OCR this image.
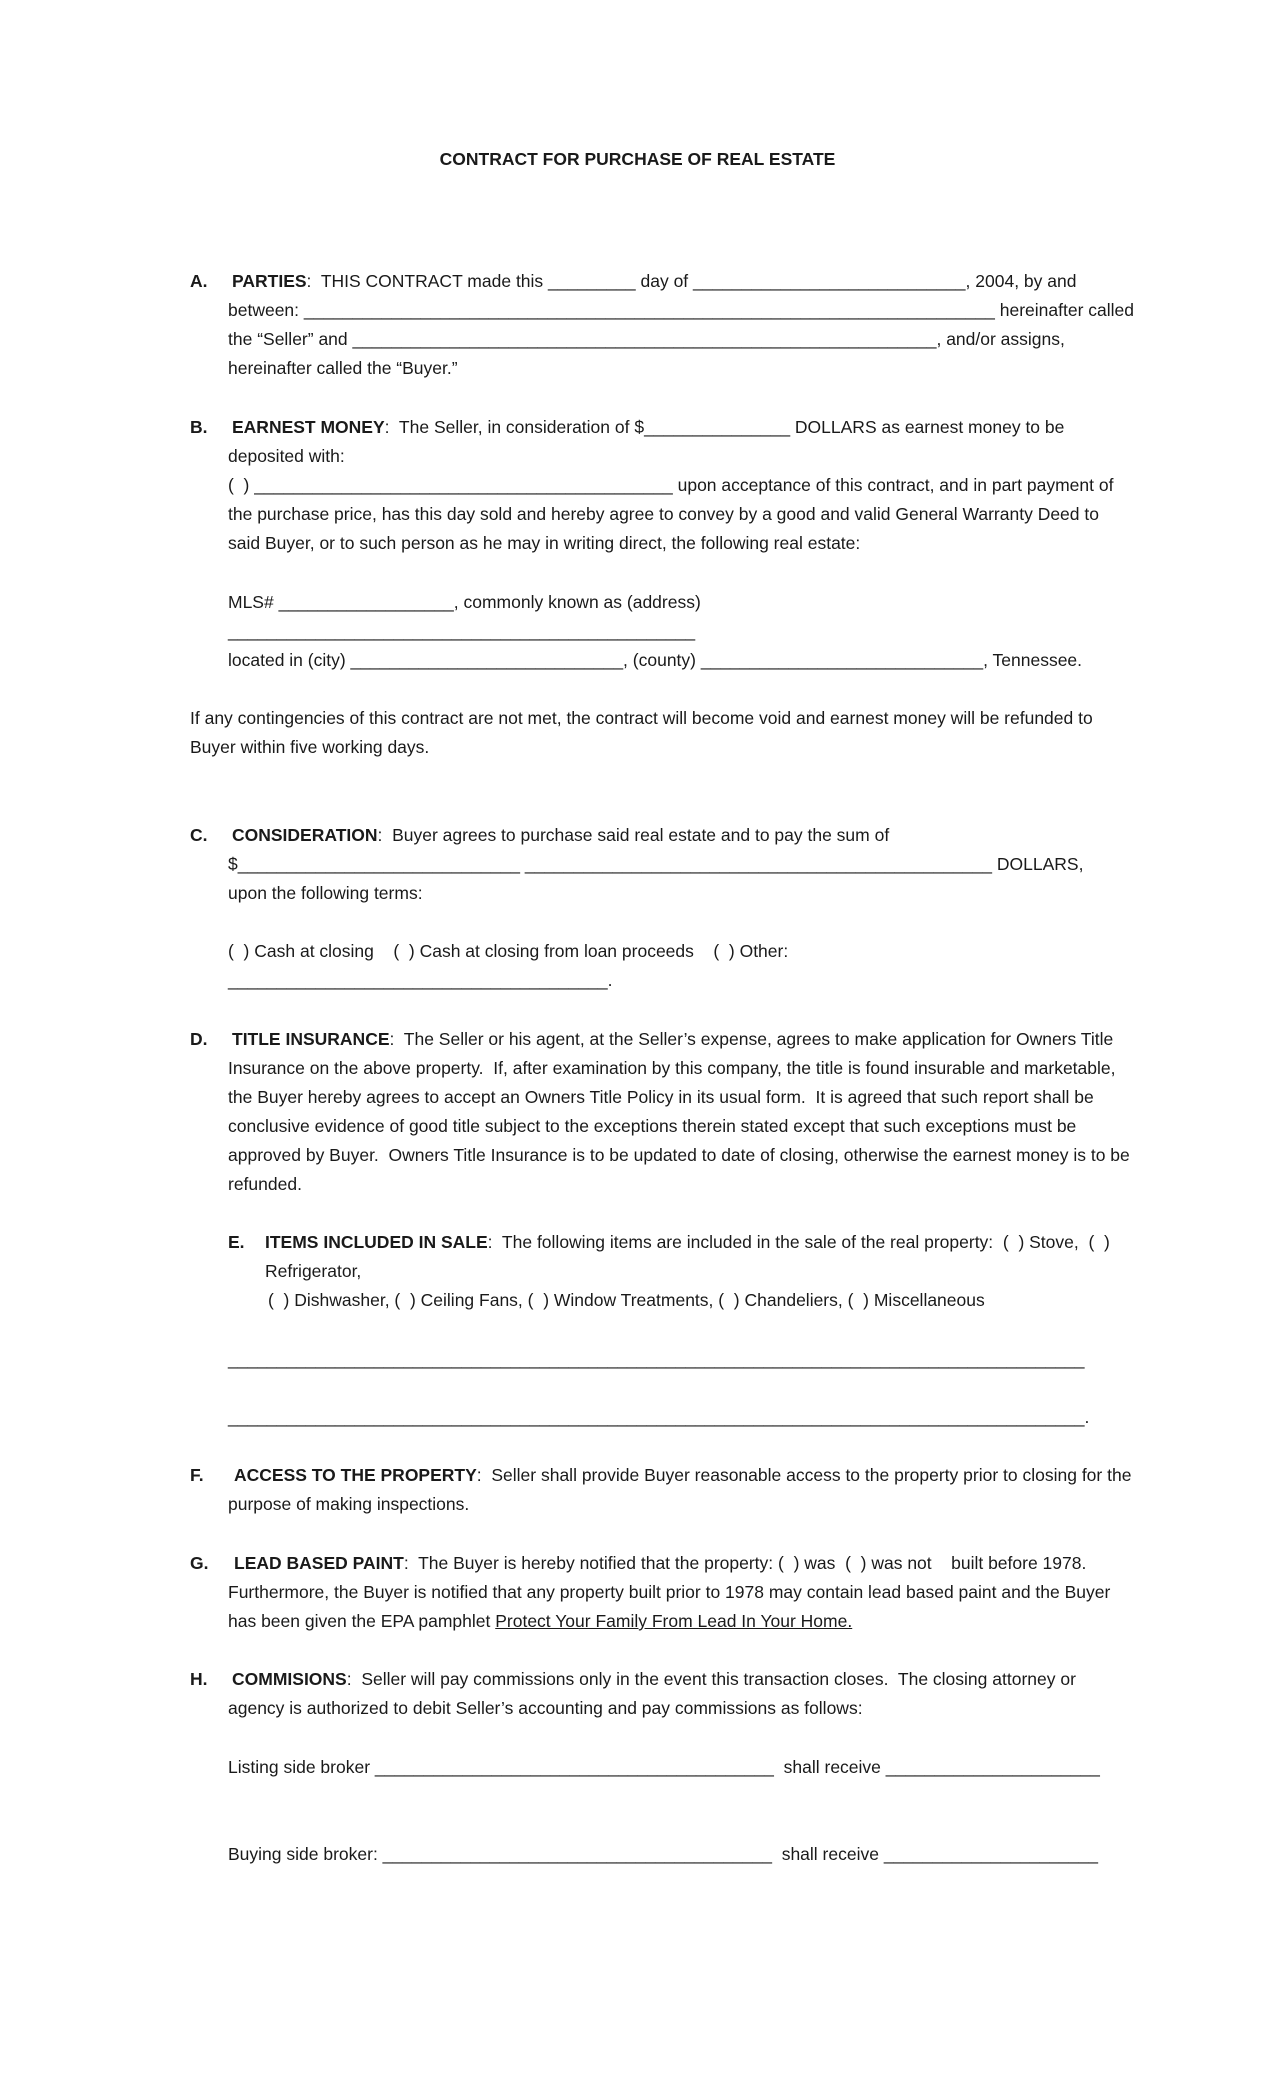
CONTRACT FOR PURCHASE OF REAL ESTATE

A. PARTIES:  THIS CONTRACT made this _________ day of ____________________________, 2004, by and

between: _______________________________________________________________________ hereinafter called

the “Seller” and ____________________________________________________________, and/or assigns,

hereinafter called the “Buyer.”

B. EARNEST MONEY:  The Seller, in consideration of $_______________ DOLLARS as earnest money to be

deposited with:

(  ) ___________________________________________ upon acceptance of this contract, and in part payment of

the purchase price, has this day sold and hereby agree to convey by a good and valid General Warranty Deed to

said Buyer, or to such person as he may in writing direct, the following real estate:

MLS# __________________, commonly known as (address)

________________________________________________

located in (city) ____________________________, (county) _____________________________, Tennessee.

If any contingencies of this contract are not met, the contract will become void and earnest money will be refunded to

Buyer within five working days.

C. CONSIDERATION:  Buyer agrees to purchase said real estate and to pay the sum of

$_____________________________ ________________________________________________ DOLLARS,

upon the following terms:

(  ) Cash at closing    (  ) Cash at closing from loan proceeds    (  ) Other:

_______________________________________.

D. TITLE INSURANCE:  The Seller or his agent, at the Seller’s expense, agrees to make application for Owners Title

Insurance on the above property.  If, after examination by this company, the title is found insurable and marketable,

the Buyer hereby agrees to accept an Owners Title Policy in its usual form.  It is agreed that such report shall be

conclusive evidence of good title subject to the exceptions therein stated except that such exceptions must be

approved by Buyer.  Owners Title Insurance is to be updated to date of closing, otherwise the earnest money is to be

refunded.

E. ITEMS INCLUDED IN SALE:  The following items are included in the sale of the real property:  (  ) Stove,  (  )

Refrigerator,

(  ) Dishwasher, (  ) Ceiling Fans, (  ) Window Treatments, (  ) Chandeliers, (  ) Miscellaneous

________________________________________________________________________________________

________________________________________________________________________________________.

F. ACCESS TO THE PROPERTY:  Seller shall provide Buyer reasonable access to the property prior to closing for the

purpose of making inspections.

G. LEAD BASED PAINT:  The Buyer is hereby notified that the property: (  ) was  (  ) was not    built before 1978.

Furthermore, the Buyer is notified that any property built prior to 1978 may contain lead based paint and the Buyer

has been given the EPA pamphlet Protect Your Family From Lead In Your Home.

H. COMMISIONS:  Seller will pay commissions only in the event this transaction closes.  The closing attorney or

agency is authorized to debit Seller’s accounting and pay commissions as follows:

Listing side broker _________________________________________  shall receive ______________________

Buying side broker: ________________________________________  shall receive ______________________
